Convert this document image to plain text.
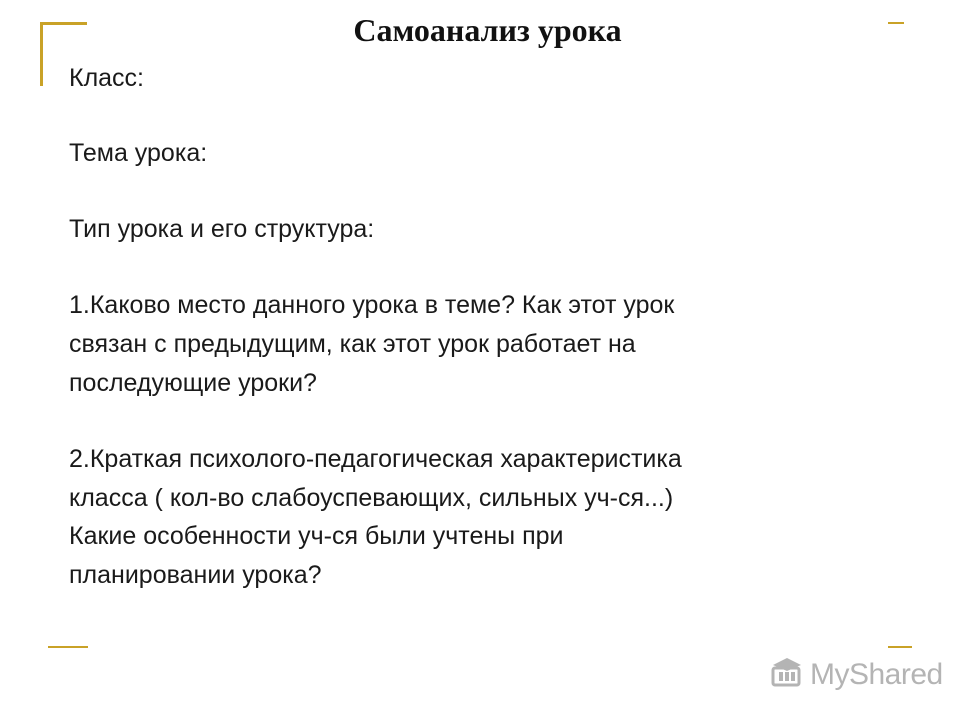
Самоанализ урока

Класс:

Тема урока:

Тип урока и его структура:

1.Каково место данного урока в теме? Как этот урок

связан с предыдущим, как этот урок работает на

последующие уроки?

2.Краткая психолого-педагогическая характеристика

класса ( кол-во слабоуспевающих, сильных уч-ся...)

Какие особенности уч-ся были учтены при

планировании урока?

MyShared
